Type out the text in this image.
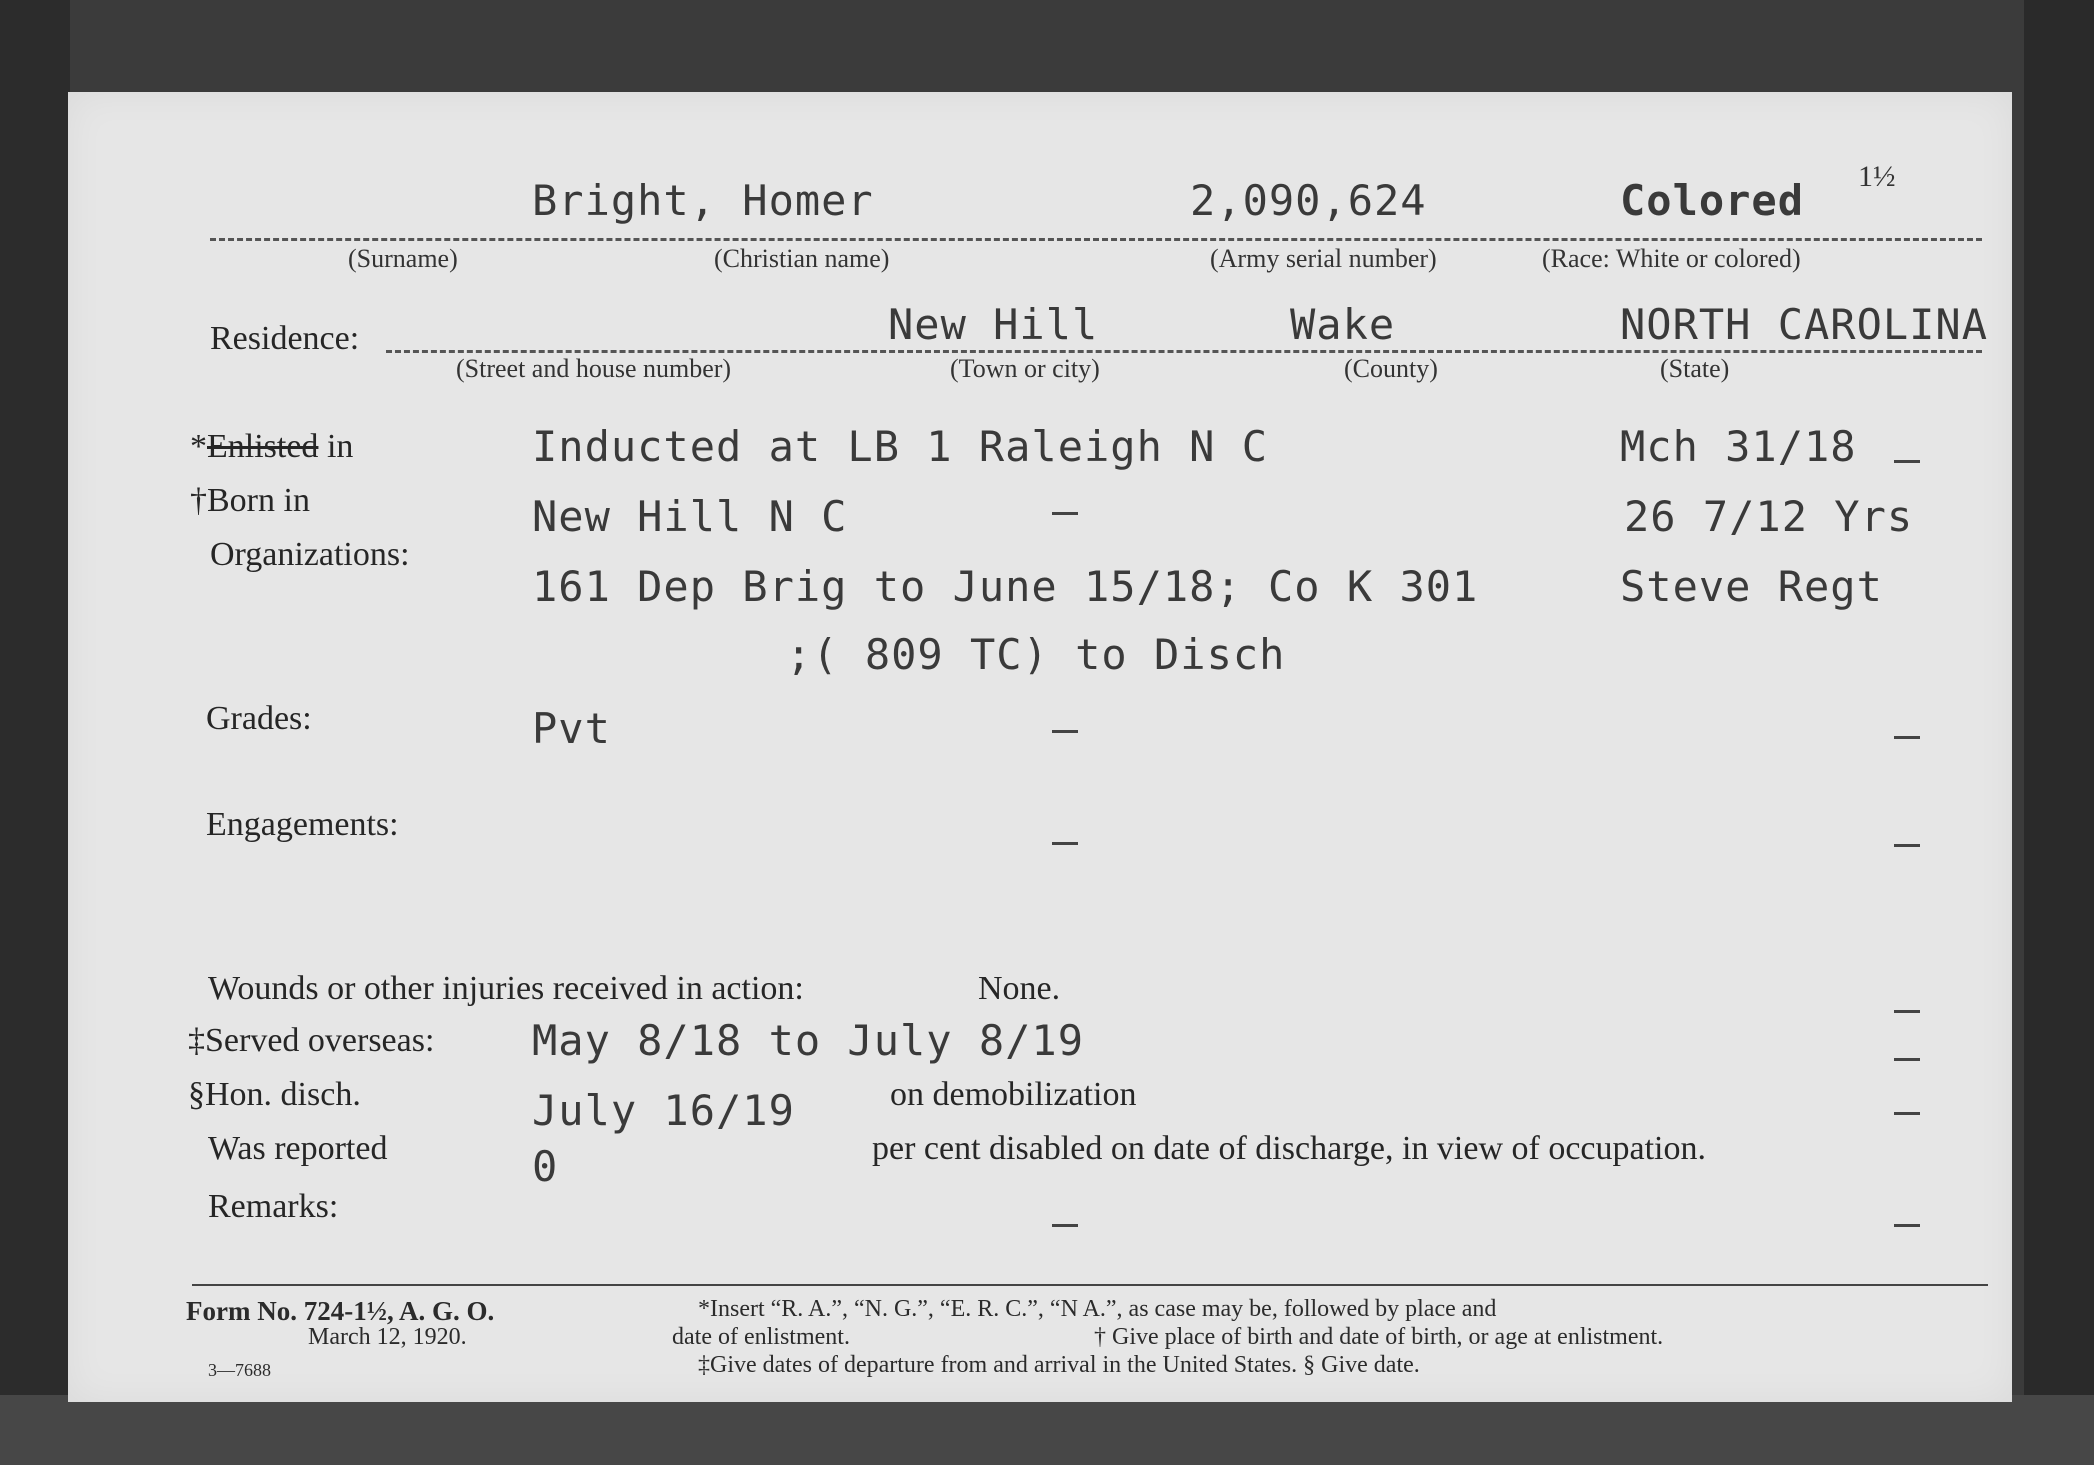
1½
Bright, Homer	2,090,624	Colored
(Surname)	(Christian name)	(Army serial number)	(Race: White or colored)
Residence:	New Hill	Wake	NORTH CAROLINA
(Street and house number)	(Town or city)	(County)	(State)
*Enlisted in	Inducted at LB 1 Raleigh N C	Mch 31/18
†Born in	New Hill N C	26 7/12 Yrs
Organizations:
161 Dep Brig to June 15/18; Co K 301	Steve Regt
;( 809 TC) to Disch
Grades:	Pvt
Engagements:
Wounds or other injuries received in action:	None.
‡Served overseas: May 8/18 to July 8/19
§Hon. disch.	July 16/19	on demobilization
Was reported	0	per cent disabled on date of discharge, in view of occupation.
Remarks:
Form No. 724-1½, A. G. O.
March 12, 1920.
3—7688
*Insert “R. A.”, “N. G.”, “E. R. C.”, “N A.”, as case may be, followed by place and
date of enlistment.	† Give place of birth and date of birth, or age at enlistment.
‡Give dates of departure from and arrival in the United States. § Give date.
